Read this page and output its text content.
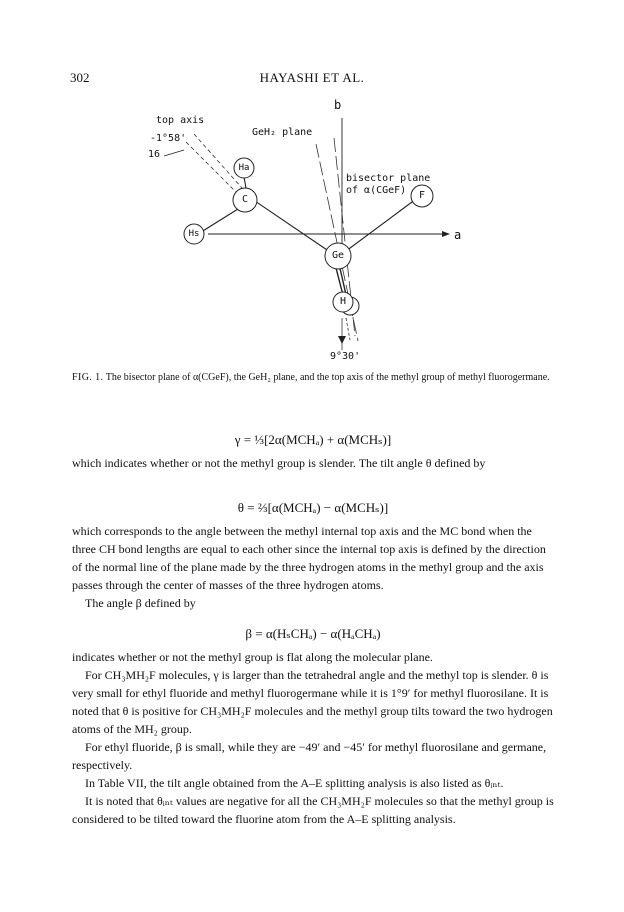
302	HAYASHI ET AL.
b
a
top axis
-1°58'
16
GeH₂ plane
bisector plane
of α(CGeF)
Ha
C	F
Hs
Ge
H
9°30'
FIG. 1. The bisector plane of α(CGeF), the GeH₂ plane, and the top axis of the methyl group of methyl fluorogermane.
γ = ⅓[2α(MCHₐ) + α(MCHₛ)]

which indicates whether or not the methyl group is slender. The tilt angle θ defined by

θ = ⅔[α(MCHₐ) − α(MCHₛ)]

which corresponds to the angle between the methyl internal top axis and the MC bond when the three CH bond lengths are equal to each other since the internal top axis is defined by the direction of the normal line of the plane made by the three hydrogen atoms in the methyl group and the axis passes through the center of masses of the three hydrogen atoms.

The angle β defined by

β = α(HₛCHₐ) − α(HₐCHₐ)

indicates whether or not the methyl group is flat along the molecular plane.

For CH₃MH₂F molecules, γ is larger than the tetrahedral angle and the methyl top is slender. θ is very small for ethyl fluoride and methyl fluorogermane while it is 1°9′ for methyl fluorosilane. It is noted that θ is positive for CH₃MH₂F molecules and the methyl group tilts toward the two hydrogen atoms of the MH₂ group.

For ethyl fluoride, β is small, while they are −49′ and −45′ for methyl fluorosilane and germane, respectively.

In Table VII, the tilt angle obtained from the A–E splitting analysis is also listed as θᵢₙₜ.

It is noted that θᵢₙₜ values are negative for all the CH₃MH₂F molecules so that the methyl group is considered to be tilted toward the fluorine atom from the A–E splitting analysis.
